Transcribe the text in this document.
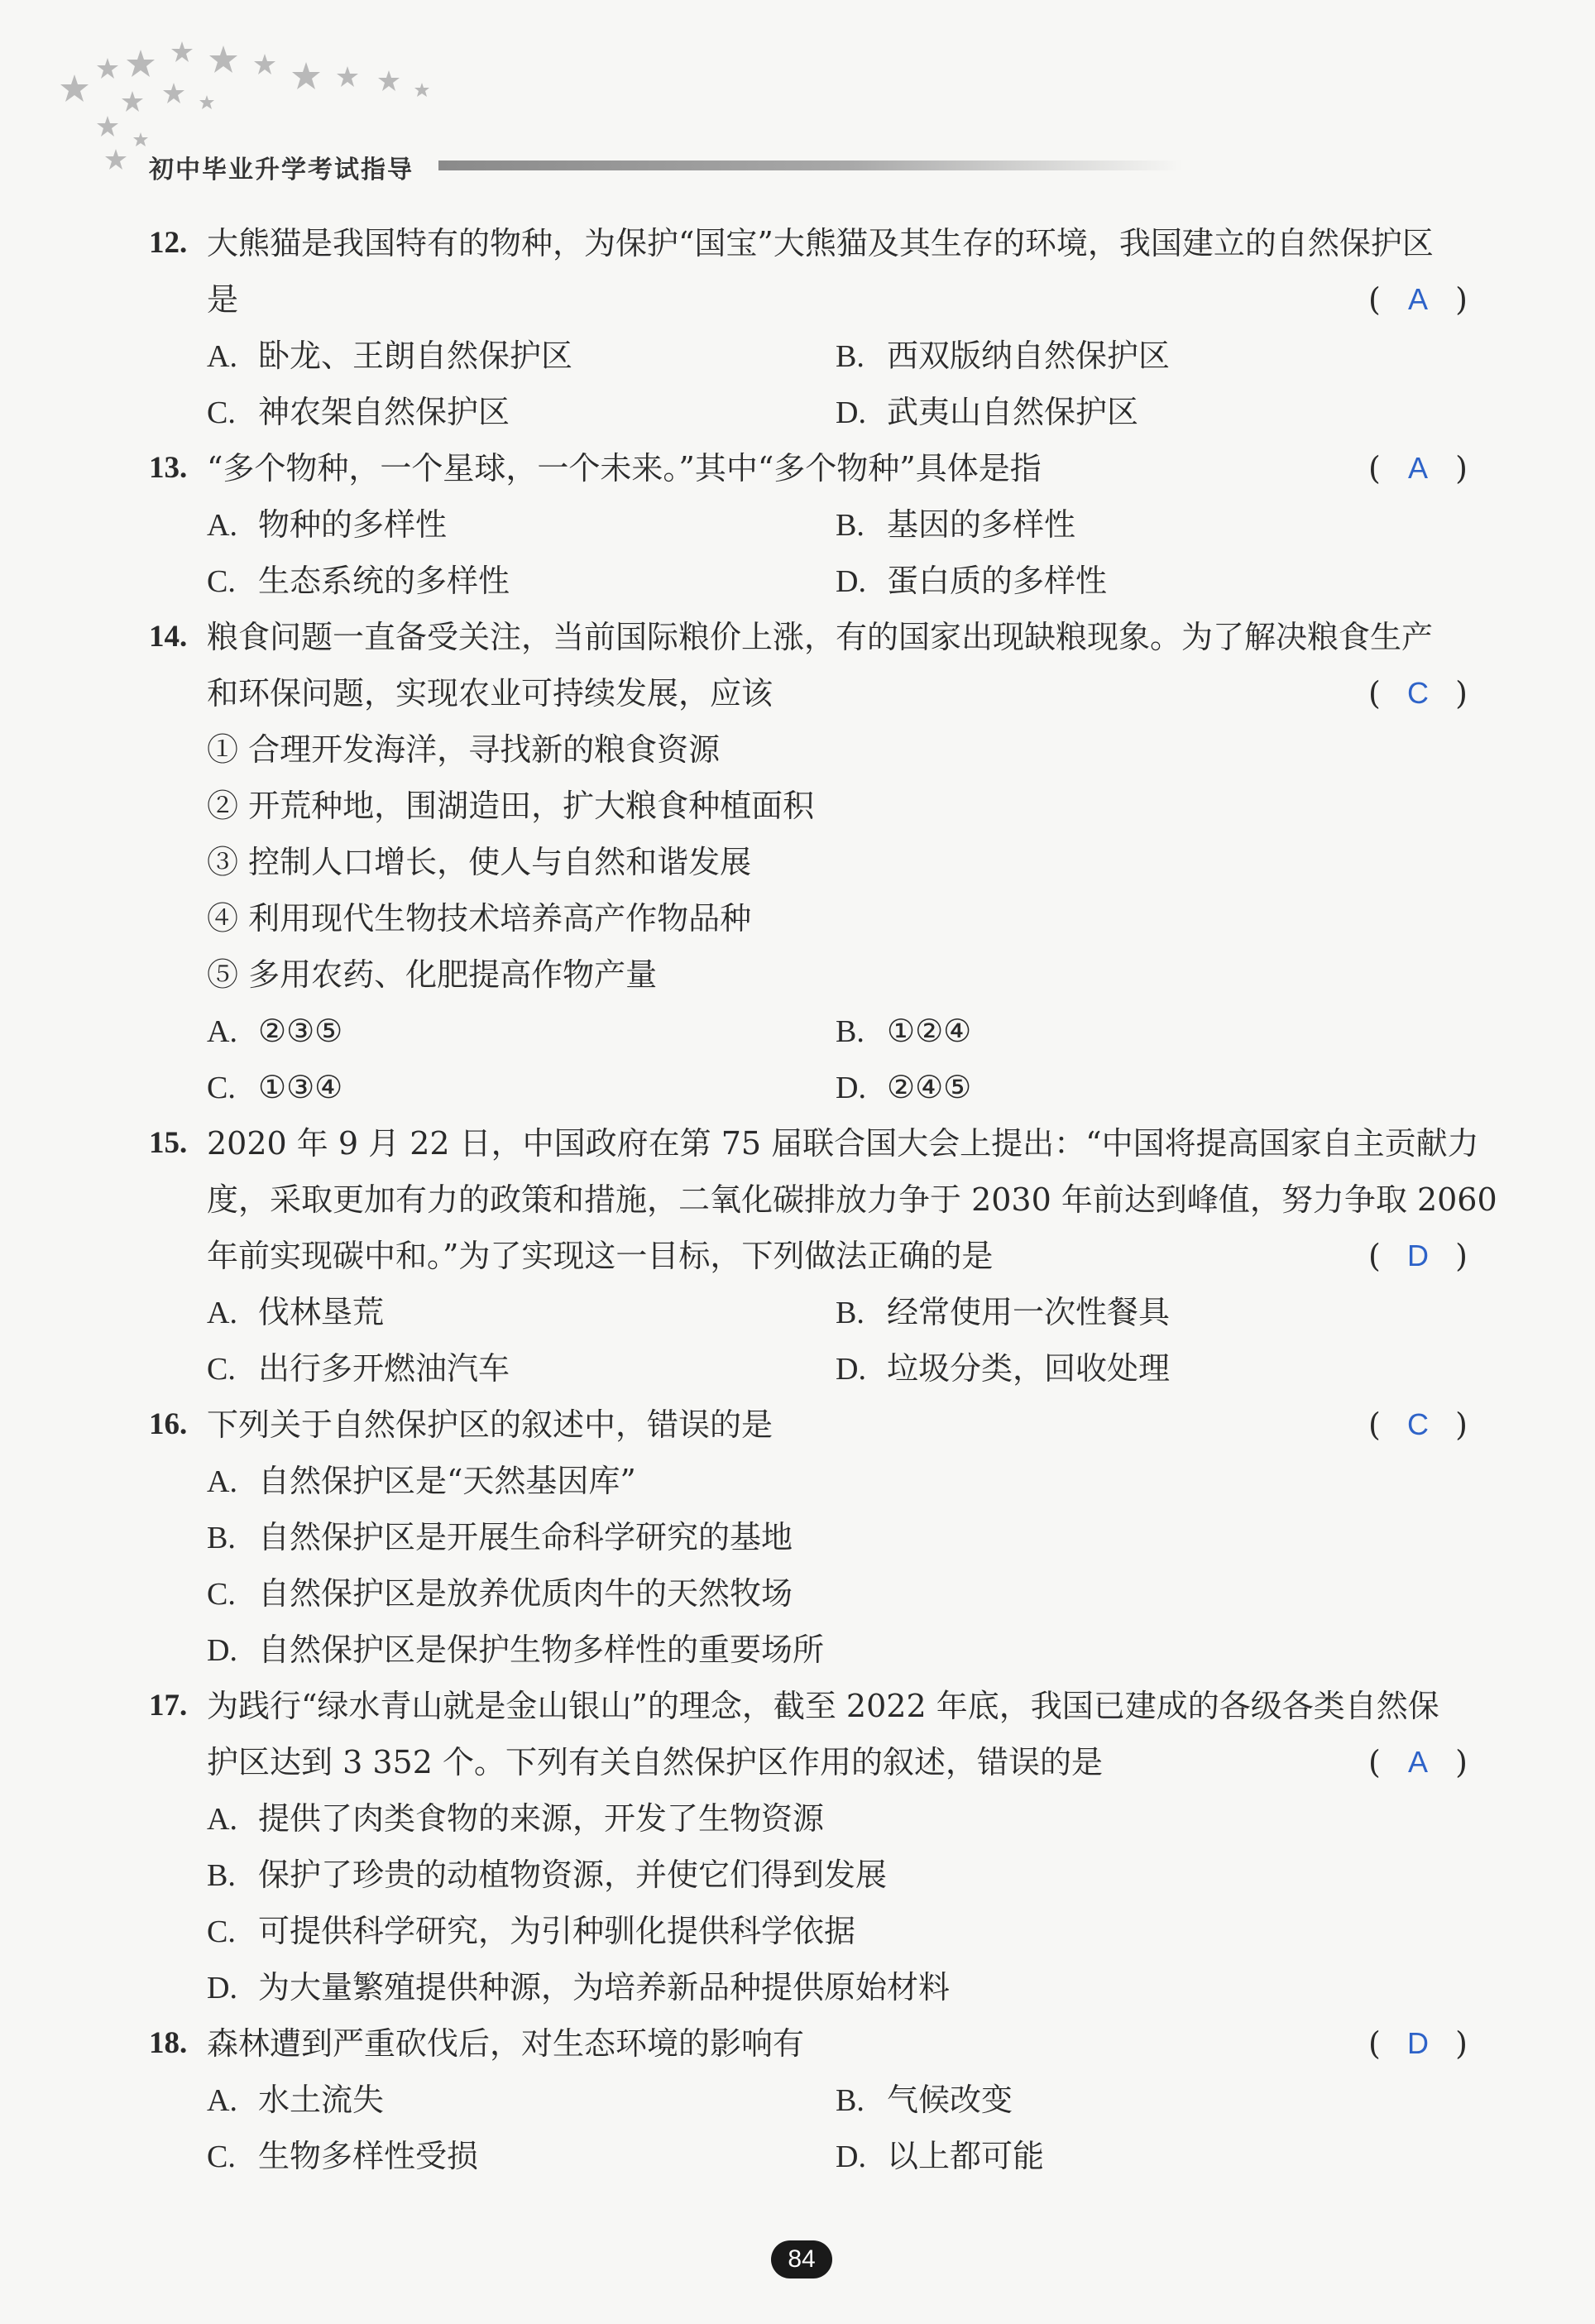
初中毕业升学考试指导
12. 大熊猫是我国特有的物种，为保护“国宝”大熊猫及其生存的环境，我国建立的自然保护区
是	( A )
A. 卧龙、王朗自然保护区	B. 西双版纳自然保护区
C. 神农架自然保护区	D. 武夷山自然保护区
13. “多个物种，一个星球，一个未来。”其中“多个物种”具体是指	( A )
A. 物种的多样性	B. 基因的多样性
C. 生态系统的多样性	D. 蛋白质的多样性
14. 粮食问题一直备受关注，当前国际粮价上涨，有的国家出现缺粮现象。为了解决粮食生产
和环保问题，实现农业可持续发展，应该	( C )
① 合理开发海洋，寻找新的粮食资源
② 开荒种地，围湖造田，扩大粮食种植面积
③ 控制人口增长，使人与自然和谐发展
④ 利用现代生物技术培养高产作物品种
⑤ 多用农药、化肥提高作物产量
A. ②③⑤	B. ①②④
C. ①③④	D. ②④⑤
15. 2020 年 9 月 22 日，中国政府在第 75 届联合国大会上提出：“中国将提高国家自主贡献力
度，采取更加有力的政策和措施，二氧化碳排放力争于 2030 年前达到峰值，努力争取 2060
年前实现碳中和。”为了实现这一目标，下列做法正确的是	( D )
A. 伐林垦荒	B. 经常使用一次性餐具
C. 出行多开燃油汽车	D. 垃圾分类，回收处理
16. 下列关于自然保护区的叙述中，错误的是	( C )
A. 自然保护区是“天然基因库”
B. 自然保护区是开展生命科学研究的基地
C. 自然保护区是放养优质肉牛的天然牧场
D. 自然保护区是保护生物多样性的重要场所
17. 为践行“绿水青山就是金山银山”的理念，截至 2022 年底，我国已建成的各级各类自然保
护区达到 3 352 个。下列有关自然保护区作用的叙述，错误的是	( A )
A. 提供了肉类食物的来源，开发了生物资源
B. 保护了珍贵的动植物资源，并使它们得到发展
C. 可提供科学研究，为引种驯化提供科学依据
D. 为大量繁殖提供种源，为培养新品种提供原始材料
18. 森林遭到严重砍伐后，对生态环境的影响有	( D )
A. 水土流失	B. 气候改变
C. 生物多样性受损	D. 以上都可能
84
